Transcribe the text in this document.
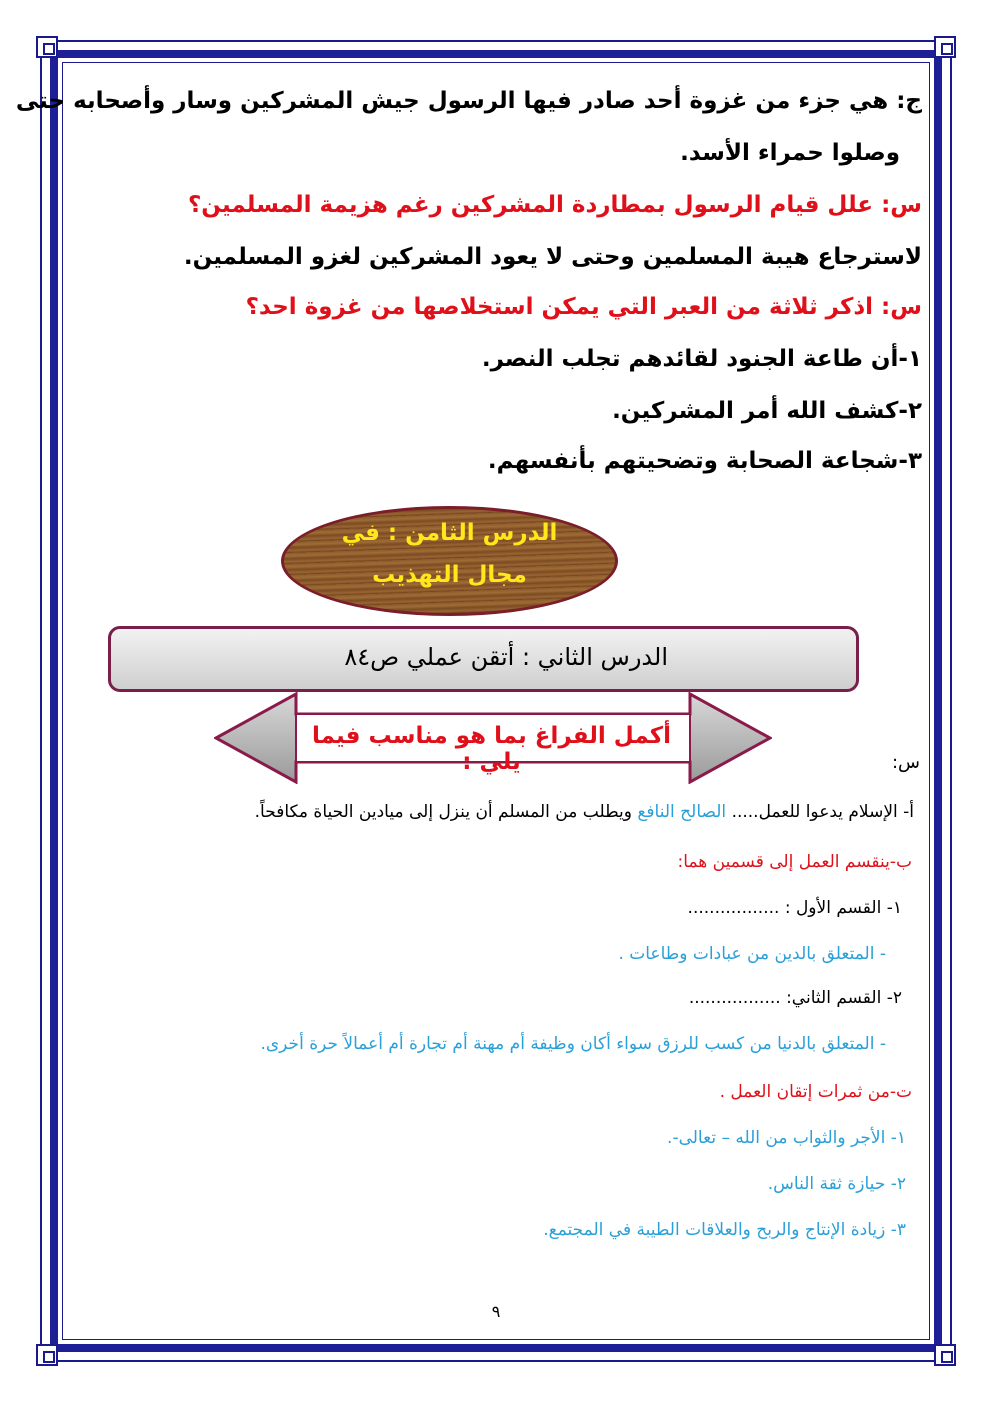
ج: هي جزء من غزوة أحد صادر فيها الرسول جيش المشركين وسار وأصحابه حتى
وصلوا حمراء الأسد.
س: علل قيام الرسول بمطاردة المشركين رغم هزيمة المسلمين؟
لاسترجاع هيبة المسلمين وحتى لا يعود المشركين لغزو المسلمين.
س: اذكر ثلاثة من العبر التي يمكن استخلاصها من غزوة احد؟
١-أن طاعة الجنود لقائدهم تجلب النصر.
٢-كشف الله أمر المشركين.
٣-شجاعة الصحابة وتضحيتهم بأنفسهم.
الدرس الثامن : في
مجال التهذيب
الدرس الثاني : أتقن عملي ص٨٤
أكمل الفراغ بما هو مناسب فيما يلي :	س:
أ- الإسلام يدعوا للعمل..... الصالح النافع ويطلب من المسلم أن ينزل إلى ميادين الحياة مكافحاً.
ب-ينقسم العمل إلى قسمين هما:
١- القسم الأول : .................
- المتعلق بالدين من عبادات وطاعات .
٢- القسم الثاني: .................
- المتعلق بالدنيا من كسب للرزق سواء أكان وظيفة أم مهنة أم تجارة أم أعمالاً حرة أخرى.
ت-من ثمرات إتقان العمل .
١- الأجر والثواب من الله – تعالى-.
٢- حيازة ثقة الناس.
٣- زيادة الإنتاج والربح والعلاقات الطيبة في المجتمع.
٩
